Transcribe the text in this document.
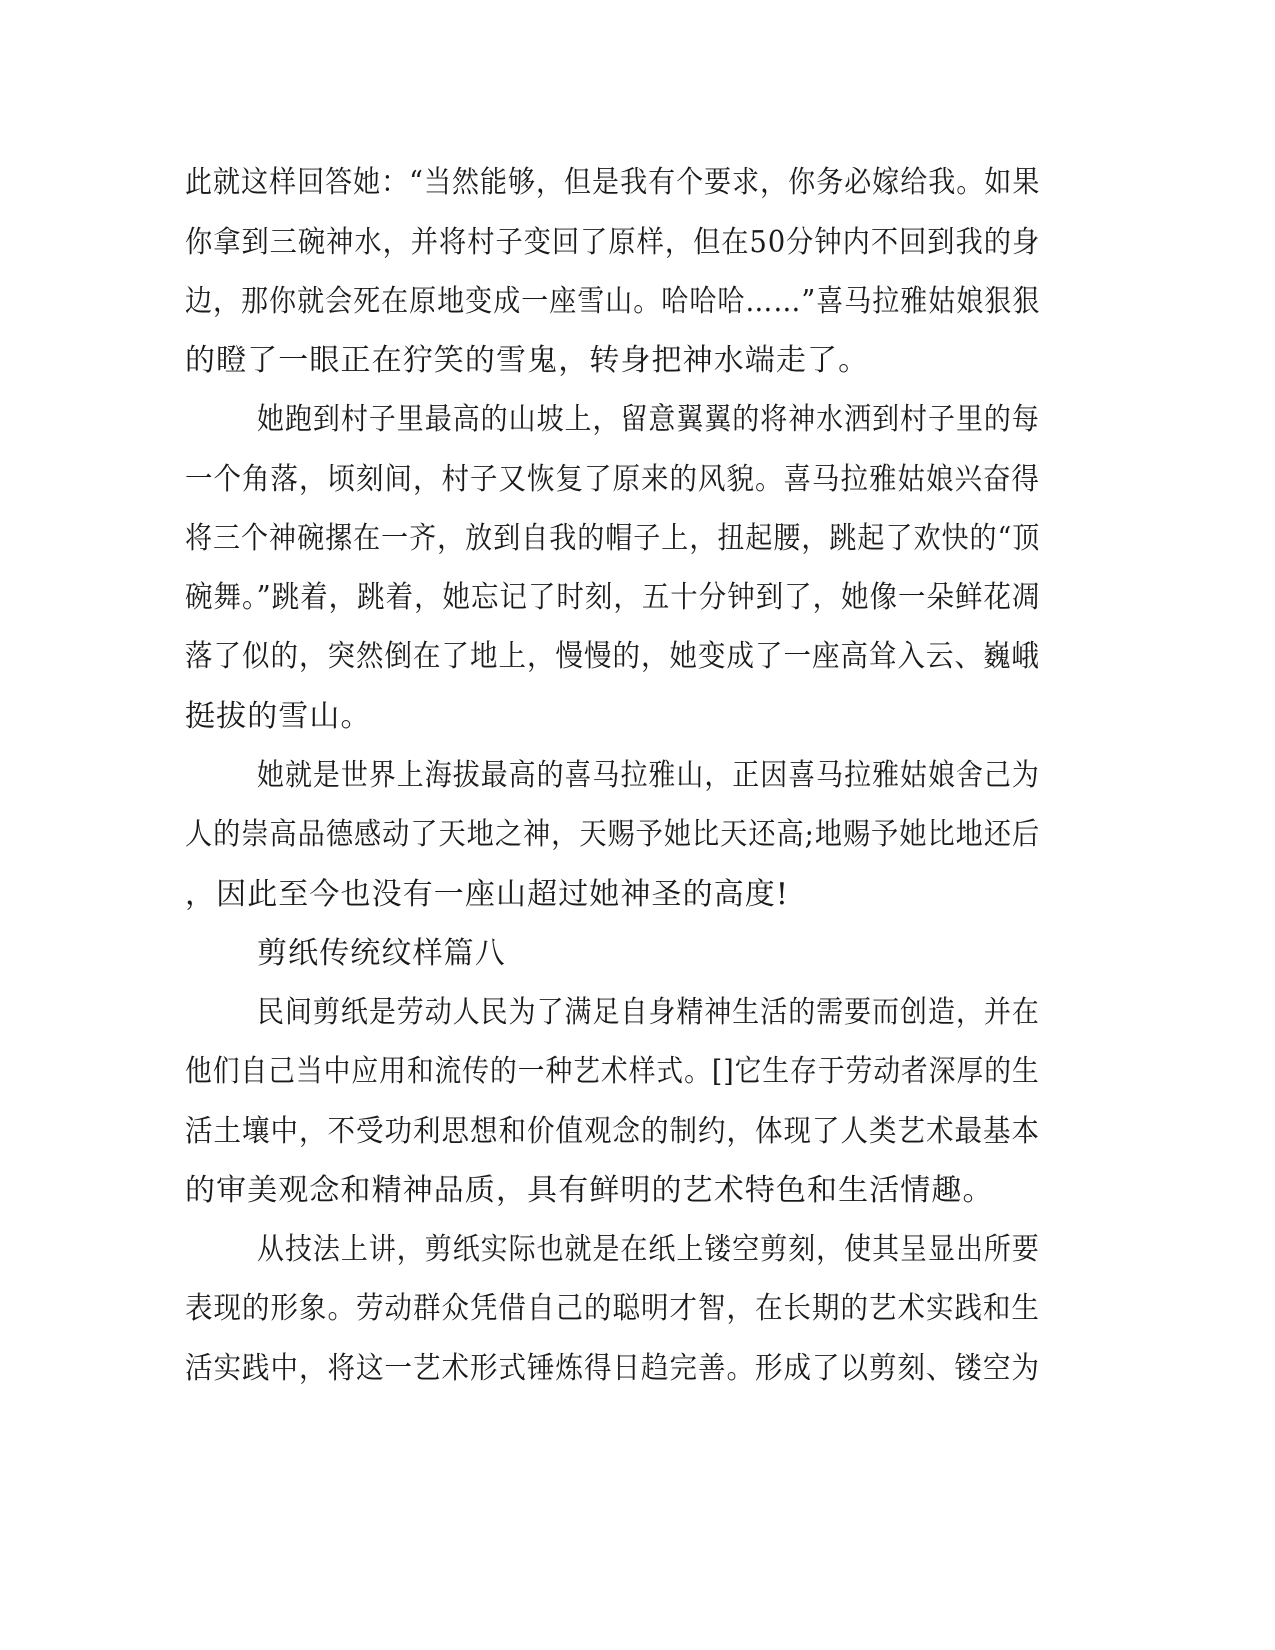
此就这样回答她：“当然能够，但是我有个要求，你务必嫁给我。如果
你拿到三碗神水，并将村子变回了原样，但在50分钟内不回到我的身
边，那你就会死在原地变成一座雪山。哈哈哈……”喜马拉雅姑娘狠狠
的瞪了一眼正在狞笑的雪鬼，转身把神水端走了。
她跑到村子里最高的山坡上，留意翼翼的将神水洒到村子里的每
一个角落，顷刻间，村子又恢复了原来的风貌。喜马拉雅姑娘兴奋得
将三个神碗摞在一齐，放到自我的帽子上，扭起腰，跳起了欢快的“顶
碗舞。”跳着，跳着，她忘记了时刻，五十分钟到了，她像一朵鲜花凋
落了似的，突然倒在了地上，慢慢的，她变成了一座高耸入云、巍峨
挺拔的雪山。
她就是世界上海拔最高的喜马拉雅山，正因喜马拉雅姑娘舍己为
人的崇高品德感动了天地之神，天赐予她比天还高;地赐予她比地还后
，因此至今也没有一座山超过她神圣的高度!
剪纸传统纹样篇八
民间剪纸是劳动人民为了满足自身精神生活的需要而创造，并在
他们自己当中应用和流传的一种艺术样式。[]它生存于劳动者深厚的生
活土壤中，不受功利思想和价值观念的制约，体现了人类艺术最基本
的审美观念和精神品质，具有鲜明的艺术特色和生活情趣。
从技法上讲，剪纸实际也就是在纸上镂空剪刻，使其呈显出所要
表现的形象。劳动群众凭借自己的聪明才智，在长期的艺术实践和生
活实践中，将这一艺术形式锤炼得日趋完善。形成了以剪刻、镂空为
